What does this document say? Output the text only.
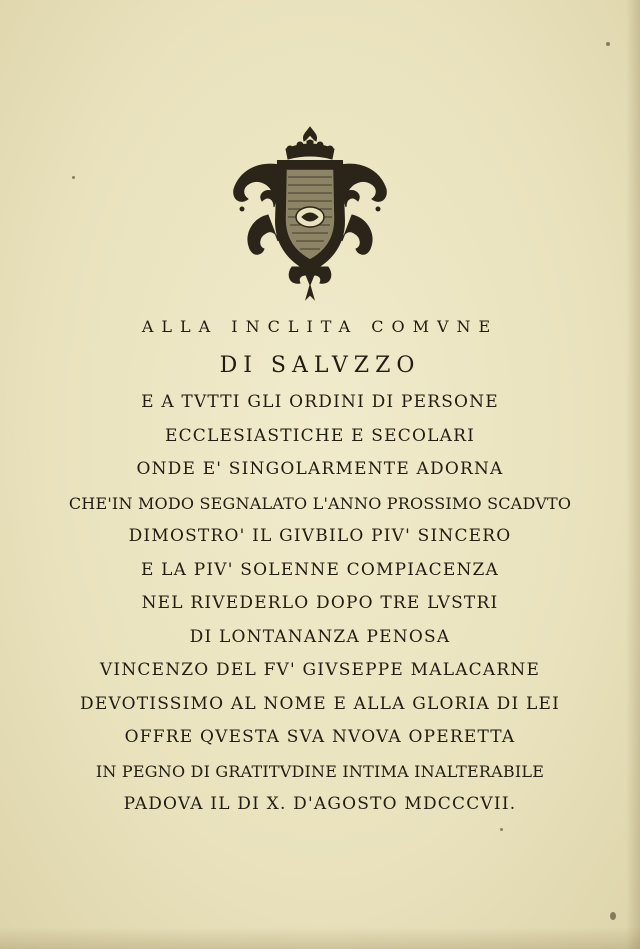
ALLA INCLITA COMVNE
DI SALVZZO
E A TVTTI GLI ORDINI DI PERSONE
ECCLESIASTICHE E SECOLARI
ONDE E' SINGOLARMENTE ADORNA
CHE'IN MODO SEGNALATO L'ANNO PROSSIMO SCADVTO
DIMOSTRO' IL GIVBILO PIV' SINCERO
E LA PIV' SOLENNE COMPIACENZA
NEL RIVEDERLO DOPO TRE LVSTRI
DI LONTANANZA PENOSA
VINCENZO DEL FV' GIVSEPPE MALACARNE
DEVOTISSIMO AL NOME E ALLA GLORIA DI LEI
OFFRE QVESTA SVA NVOVA OPERETTA
IN PEGNO DI GRATITVDINE INTIMA INALTERABILE
PADOVA IL DI X. D'AGOSTO MDCCCVII.
